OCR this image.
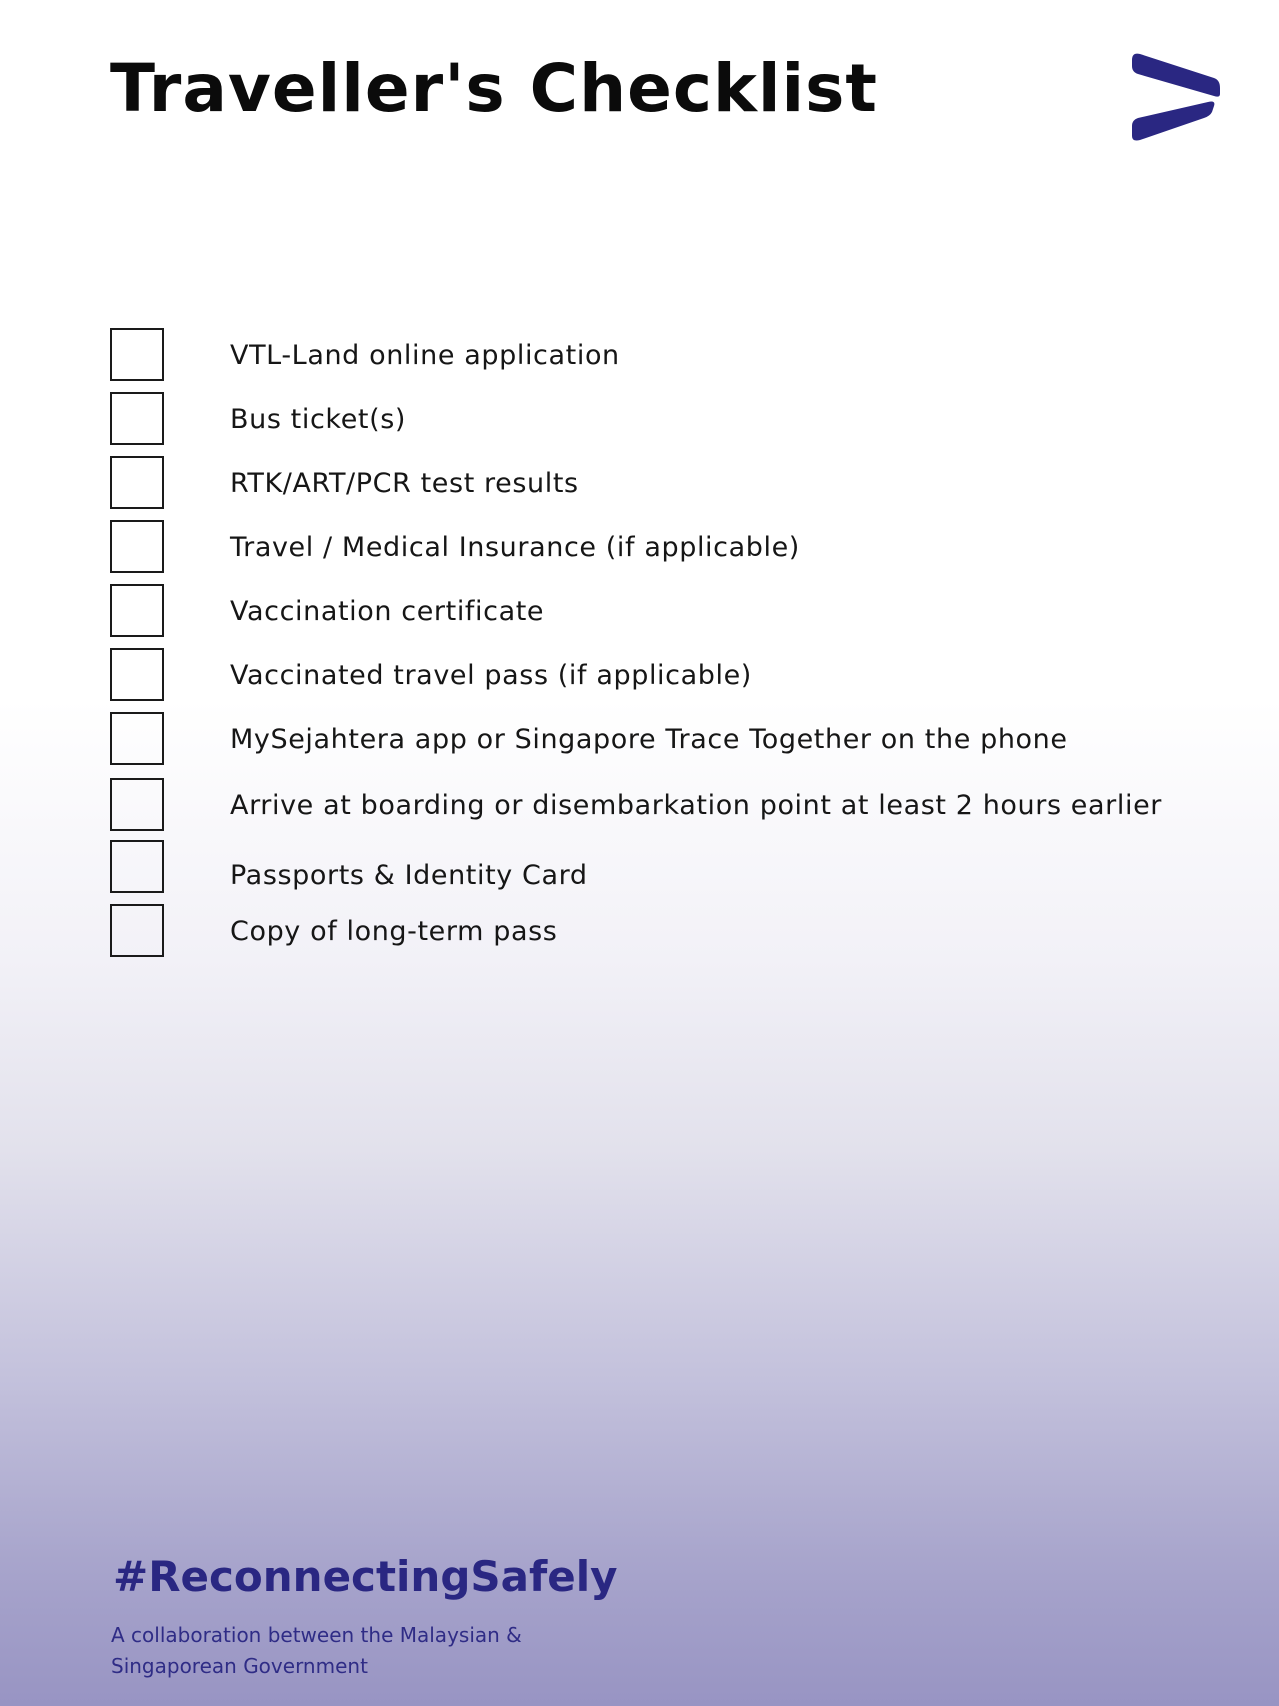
Traveller's Checklist
VTL-Land online application
Bus ticket(s)
RTK/ART/PCR test results
Travel / Medical Insurance (if applicable)
Vaccination certificate
Vaccinated travel pass (if applicable)
MySejahtera app or Singapore Trace Together on the phone
Arrive at boarding or disembarkation point at least 2 hours earlier
Passports & Identity Card
Copy of long-term pass
#ReconnectingSafely
A collaboration between the Malaysian &
Singaporean Government
